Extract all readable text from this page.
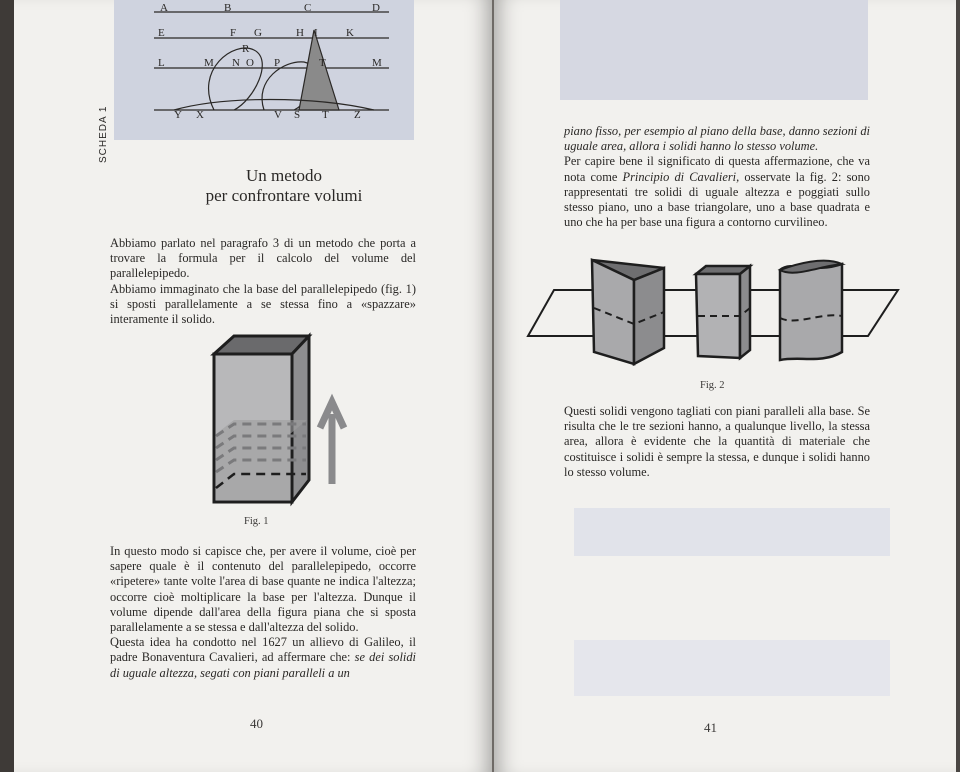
A	B	C	D
E	F G	H I	K
L	M N O P	T	M
R
Y X	V S T Z
SCHEDA 1
Un metodo
per confrontare volumi

Abbiamo parlato nel paragrafo 3 di un metodo che porta a trovare la formula per il calcolo del volume del parallelepipedo.

Abbiamo immaginato che la base del parallelepipedo (fig. 1) si sposti parallelamente a se stessa fino a «spazzare» interamente il solido.

Fig. 1

In questo modo si capisce che, per avere il volume, cioè per sapere quale è il contenuto del parallelepipedo, occorre «ripetere» tante volte l'area di base quante ne indica l'altezza; occorre cioè moltiplicare la base per l'altezza. Dunque il volume dipende dall'area della figura piana che si sposta parallelamente a se stessa e dall'altezza del solido.

Questa idea ha condotto nel 1627 un allievo di Galileo, il padre Bonaventura Cavalieri, ad affermare che: se dei solidi di uguale altezza, segati con piani paralleli a un

40

piano fisso, per esempio al piano della base, danno sezioni di uguale area, allora i solidi hanno lo stesso volume.

Per capire bene il significato di questa affermazione, che va nota come Principio di Cavalieri, osservate la fig. 2: sono rappresentati tre solidi di uguale altezza e poggiati sullo stesso piano, uno a base triangolare, uno a base quadrata e uno che ha per base una figura a contorno curvilineo.

Fig. 2

Questi solidi vengono tagliati con piani paralleli alla base. Se risulta che le tre sezioni hanno, a qualunque livello, la stessa area, allora è evidente che la quantità di materiale che costituisce i solidi è sempre la stessa, e dunque i solidi hanno lo stesso volume.

41
